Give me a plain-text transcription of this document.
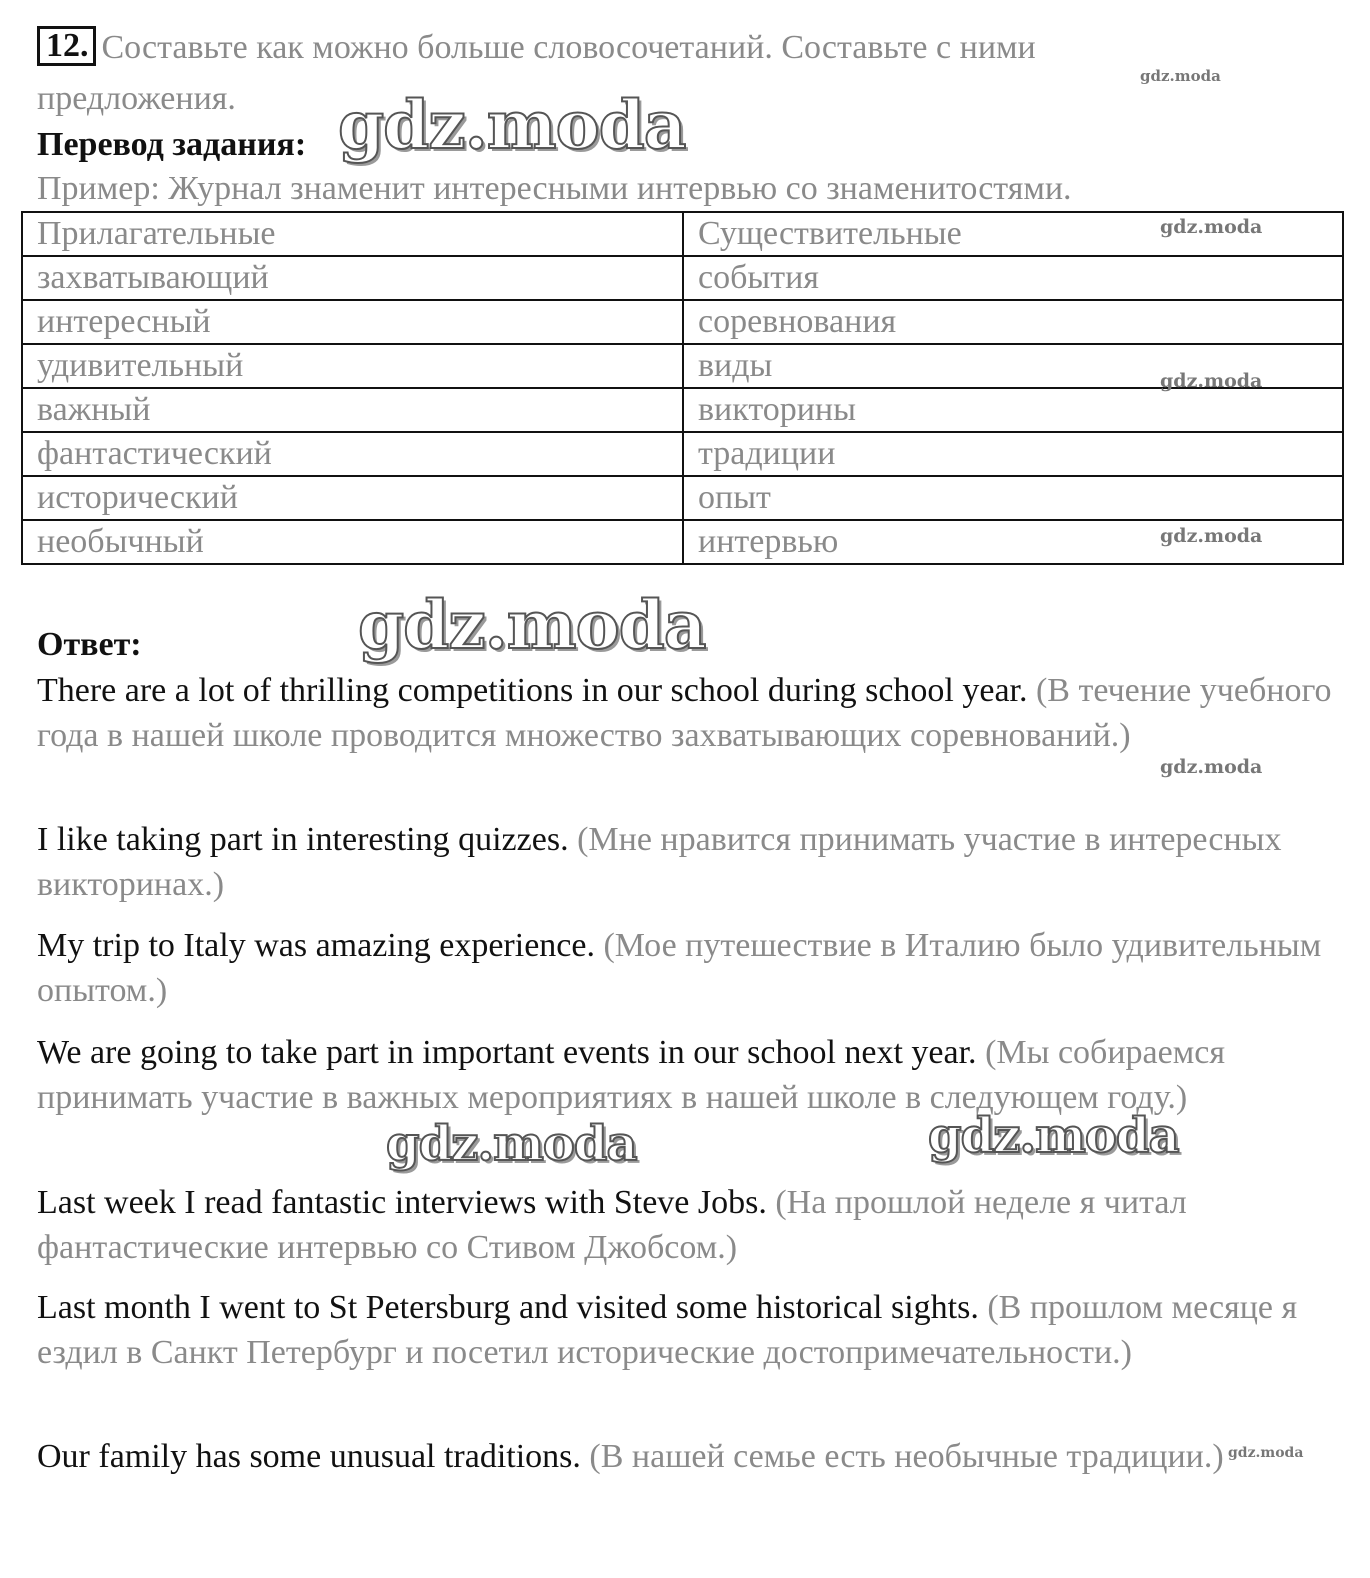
12. Составьте как можно больше словосочетаний. Составьте с ними
предложения.
Перевод задания:
Пример: Журнал знаменит интересными интервью со знаменитостями.
Прилагательные	Существительные
захватывающий	события
интересный	соревнования
удивительный	виды
важный	викторины
фантастический	традиции
исторический	опыт
необычный	интервью
Ответ:
There are a lot of thrilling competitions in our school during school year. (В течение учебного года в нашей школе проводится множество захватывающих соревнований.)
I like taking part in interesting quizzes. (Мне нравится принимать участие в интересных викторинах.)
My trip to Italy was amazing experience. (Мое путешествие в Италию было удивительным опытом.)
We are going to take part in important events in our school next year. (Мы собираемся принимать участие в важных мероприятиях в нашей школе в следующем году.)
Last week I read fantastic interviews with Steve Jobs. (На прошлой неделе я читал фантастические интервью со Стивом Джобсом.)
Last month I went to St Petersburg and visited some historical sights. (В прошлом месяце я ездил в Санкт Петербург и посетил исторические достопримечательности.)
Our family has some unusual traditions. (В нашей семье есть необычные традиции.)
gdz.moda
gdz.moda
gdz.moda	gdz.moda
gdz.moda
gdz.moda
gdz.moda
gdz.moda
gdz.moda
gdz.moda
